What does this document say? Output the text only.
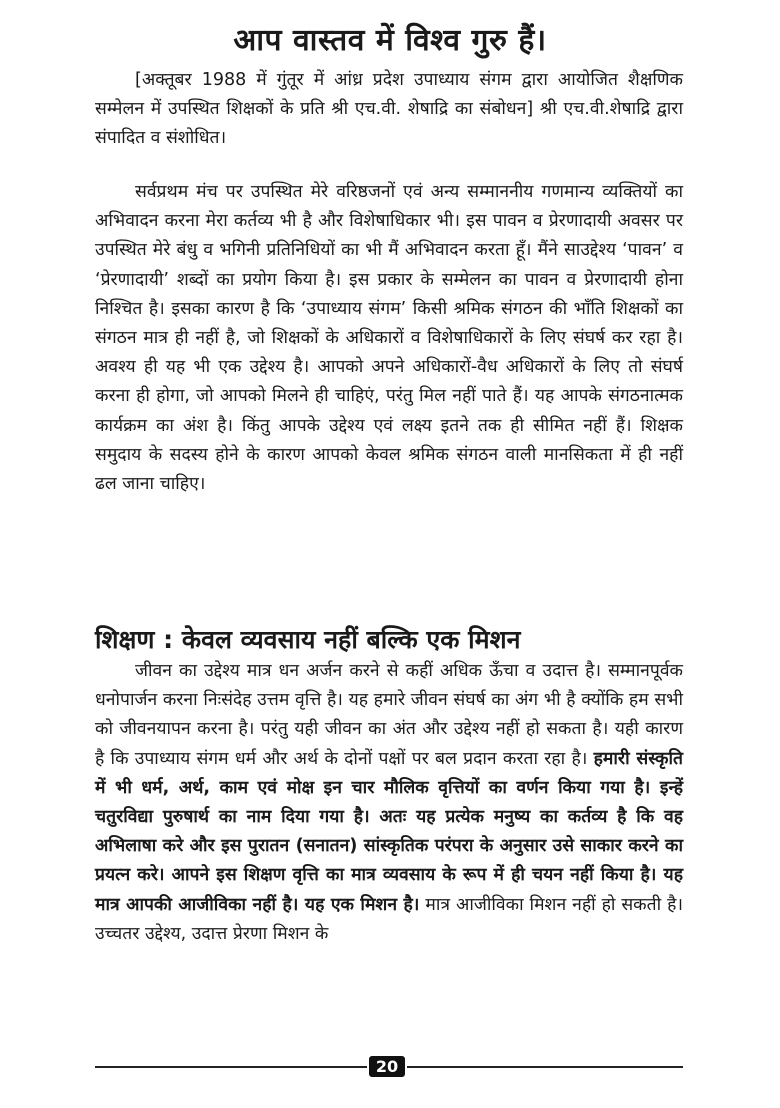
आप वास्तव में विश्व गुरु हैं।

[अक्तूबर 1988 में गुंतूर में आंध्र प्रदेश उपाध्याय संगम द्वारा आयोजित शैक्षणिक सम्मेलन में उपस्थित शिक्षकों के प्रति श्री एच.वी. शेषाद्रि का संबोधन] श्री एच.वी.शेषाद्रि द्वारा संपादित व संशोधित।

सर्वप्रथम मंच पर उपस्थित मेरे वरिष्ठजनों एवं अन्य सम्माननीय गणमान्य व्यक्तियों का अभिवादन करना मेरा कर्तव्य भी है और विशेषाधिकार भी। इस पावन व प्रेरणादायी अवसर पर उपस्थित मेरे बंधु व भगिनी प्रतिनिधियों का भी मैं अभिवादन करता हूँ। मैंने साउद्देश्य ‘पावन’ व ‘प्रेरणादायी’ शब्दों का प्रयोग किया है। इस प्रकार के सम्मेलन का पावन व प्रेरणादायी होना निश्चित है। इसका कारण है कि ‘उपाध्याय संगम’ किसी श्रमिक संगठन की भाँति शिक्षकों का संगठन मात्र ही नहीं है, जो शिक्षकों के अधिकारों व विशेषाधिकारों के लिए संघर्ष कर रहा है। अवश्य ही यह भी एक उद्देश्य है। आपको अपने अधिकारों-वैध अधिकारों के लिए तो संघर्ष करना ही होगा, जो आपको मिलने ही चाहिएं, परंतु मिल नहीं पाते हैं। यह आपके संगठनात्मक कार्यक्रम का अंश है। किंतु आपके उद्देश्य एवं लक्ष्य इतने तक ही सीमित नहीं हैं। शिक्षक समुदाय के सदस्य होने के कारण आपको केवल श्रमिक संगठन वाली मानसिकता में ही नहीं ढल जाना चाहिए।

शिक्षण : केवल व्यवसाय नहीं बल्कि एक मिशन

जीवन का उद्देश्य मात्र धन अर्जन करने से कहीं अधिक ऊँचा व उदात्त है। सम्मानपूर्वक धनोपार्जन करना निःसंदेह उत्तम वृत्ति है। यह हमारे जीवन संघर्ष का अंग भी है क्योंकि हम सभी को जीवनयापन करना है। परंतु यही जीवन का अंत और उद्देश्य नहीं हो सकता है। यही कारण है कि उपाध्याय संगम धर्म और अर्थ के दोनों पक्षों पर बल प्रदान करता रहा है। हमारी संस्कृति में भी धर्म, अर्थ, काम एवं मोक्ष इन चार मौलिक वृत्तियों का वर्णन किया गया है। इन्हें चतुरविद्या पुरुषार्थ का नाम दिया गया है। अतः यह प्रत्येक मनुष्य का कर्तव्य है कि वह अभिलाषा करे और इस पुरातन (सनातन) सांस्कृतिक परंपरा के अनुसार उसे साकार करने का प्रयत्न करे। आपने इस शिक्षण वृत्ति का मात्र व्यवसाय के रूप में ही चयन नहीं किया है। यह मात्र आपकी आजीविका नहीं है। यह एक मिशन है। मात्र आजीविका मिशन नहीं हो सकती है। उच्चतर उद्देश्य, उदात्त प्रेरणा मिशन के

20
